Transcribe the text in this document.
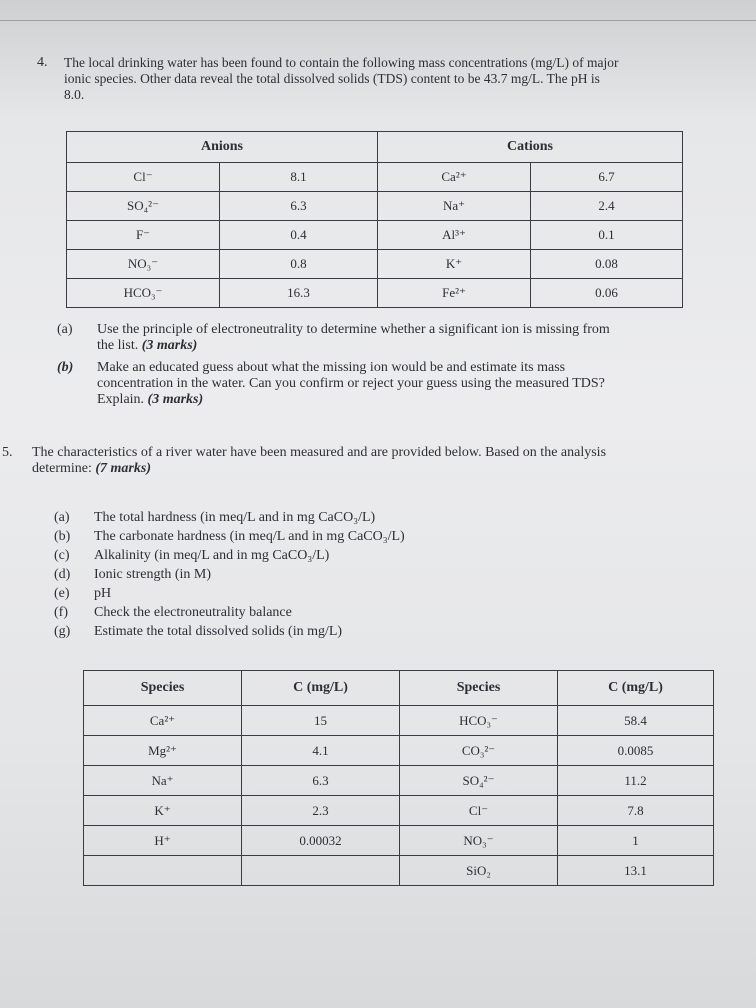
4. The local drinking water has been found to contain the following mass concentrations (mg/L) of major
ionic species. Other data reveal the total dissolved solids (TDS) content to be 43.7 mg/L. The pH is
8.0.
Anions		Cations	
Cl⁻	8.1	Ca²⁺	6.7
SO₄²⁻	6.3	Na⁺	2.4
F⁻	0.4	Al³⁺	0.1
NO₃⁻	0.8	K⁺	0.08
HCO₃⁻	16.3	Fe²⁺	0.06
(a) Use the principle of electroneutrality to determine whether a significant ion is missing from
the list. (3 marks)
(b) Make an educated guess about what the missing ion would be and estimate its mass
concentration in the water. Can you confirm or reject your guess using the measured TDS?
Explain. (3 marks)
5. The characteristics of a river water have been measured and are provided below. Based on the analysis
determine: (7 marks)
(a) The total hardness (in meq/L and in mg CaCO₃/L)
(b) The carbonate hardness (in meq/L and in mg CaCO₃/L)
(c) Alkalinity (in meq/L and in mg CaCO₃/L)
(d) Ionic strength (in M)
(e) pH
(f) Check the electroneutrality balance
(g) Estimate the total dissolved solids (in mg/L)
Species	C (mg/L)	Species	C (mg/L)
Ca²⁺	15	HCO₃⁻	58.4
Mg²⁺	4.1	CO₃²⁻	0.0085
Na⁺	6.3	SO₄²⁻	11.2
K⁺	2.3	Cl⁻	7.8
H⁺	0.00032	NO₃⁻	1
		SiO₂	13.1
